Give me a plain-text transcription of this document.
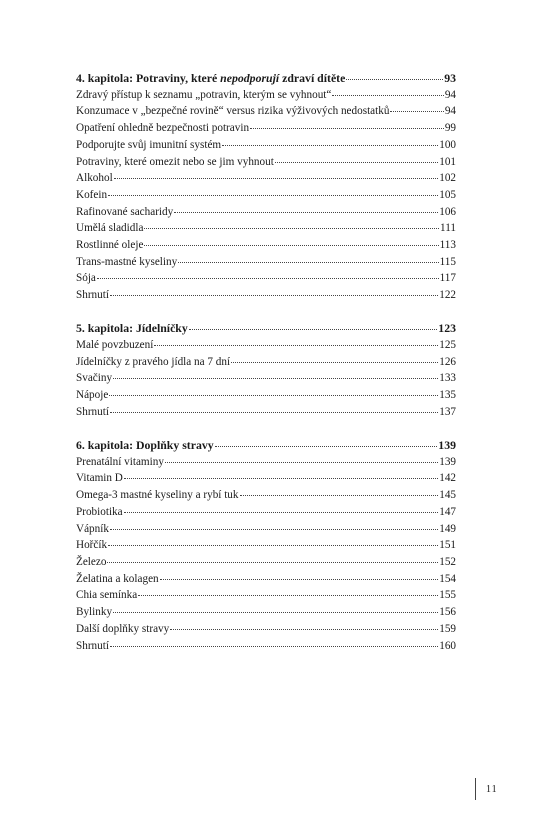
4. kapitola: Potraviny, které nepodporují zdraví dítěte	93
Zdravý přístup k seznamu „potravin, kterým se vyhnout“	94
Konzumace v „bezpečné rovině“ versus rizika výživových nedostatků	94
Opatření ohledně bezpečnosti potravin	99
Podporujte svůj imunitní systém	100
Potraviny, které omezit nebo se jim vyhnout	101
Alkohol	102
Kofein	105
Rafinované sacharidy	106
Umělá sladidla	111
Rostlinné oleje	113
Trans-mastné kyseliny	115
Sója	117
Shrnutí	122
5. kapitola: Jídelníčky	123
Malé povzbuzení	125
Jídelníčky z pravého jídla na 7 dní	126
Svačiny	133
Nápoje	135
Shrnutí	137
6. kapitola: Doplňky stravy	139
Prenatální vitaminy	139
Vitamin D	142
Omega-3 mastné kyseliny a rybí tuk	145
Probiotika	147
Vápník	149
Hořčík	151
Železo	152
Želatina a kolagen	154
Chia semínka	155
Bylinky	156
Další doplňky stravy	159
Shrnutí	160
11
